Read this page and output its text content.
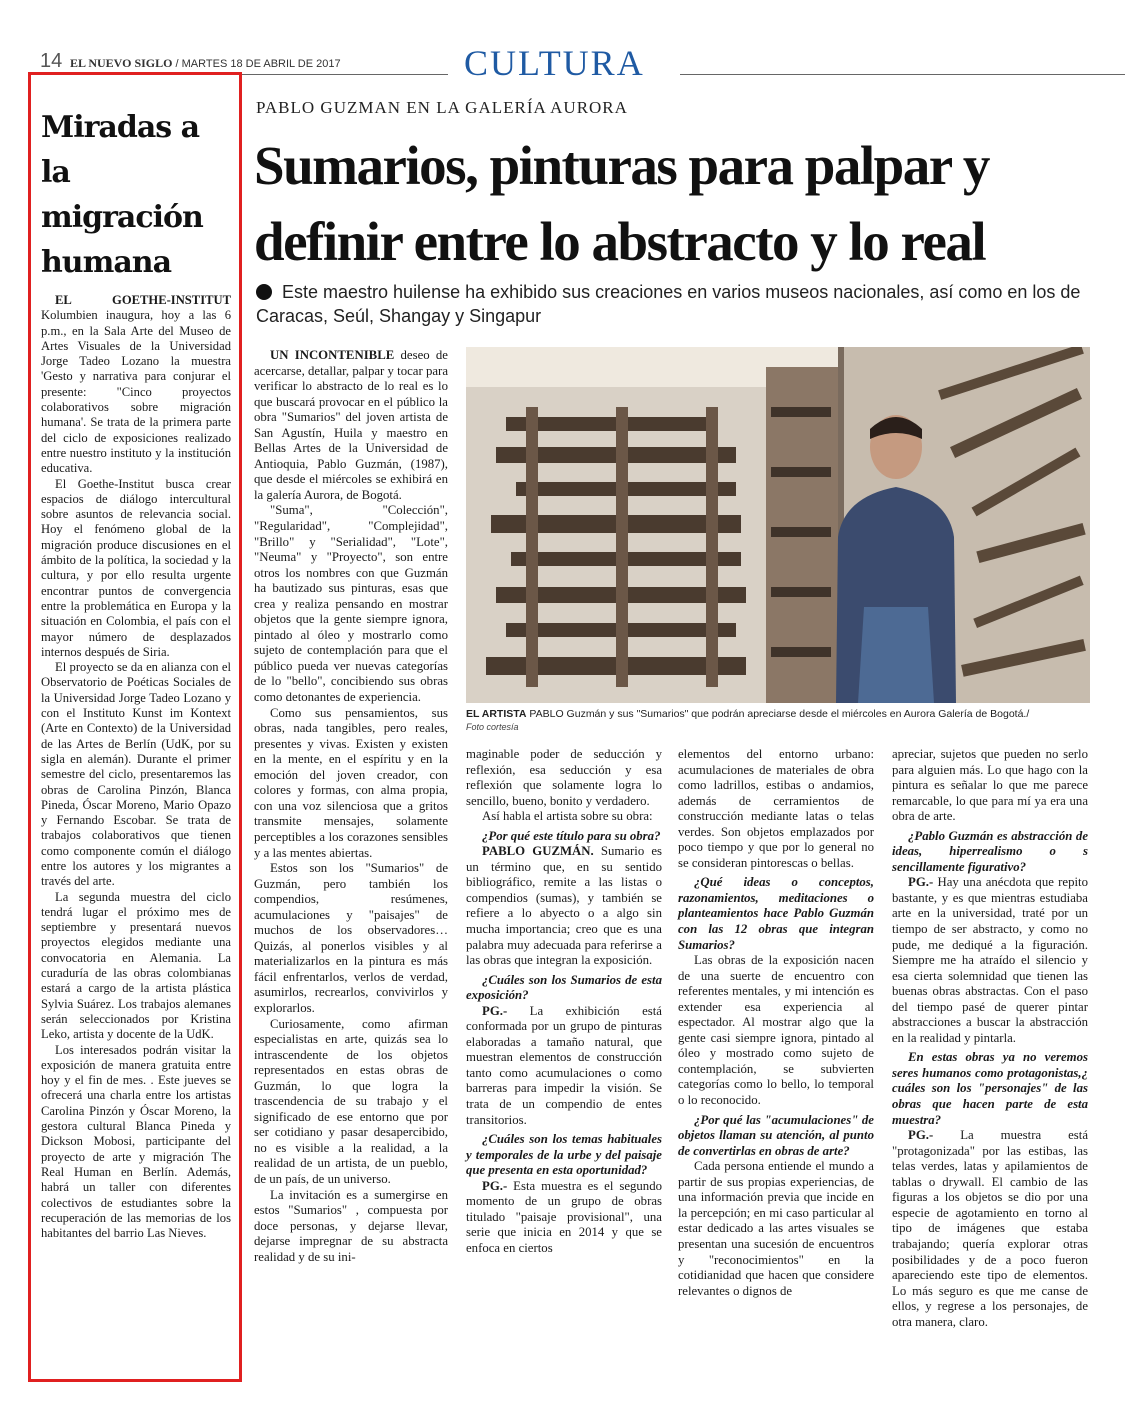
14 EL NUEVO SIGLO / MARTES 18 DE ABRIL DE 2017	CULTURA
Miradas a la migración humana

EL GOETHE-INSTITUT Kolumbien inaugura, hoy a las 6 p.m., en la Sala Arte del Museo de Artes Visuales de la Universidad Jorge Tadeo Lozano la muestra 'Gesto y narrativa para conjurar el presente: "Cinco proyectos colaborativos sobre migración humana'. Se trata de la primera parte del ciclo de exposiciones realizado entre nuestro instituto y la institución educativa.

El Goethe-Institut busca crear espacios de diálogo intercultural sobre asuntos de relevancia social. Hoy el fenómeno global de la migración produce discusiones en el ámbito de la política, la sociedad y la cultura, y por ello resulta urgente encontrar puntos de convergencia entre la problemática en Europa y la situación en Colombia, el país con el mayor número de desplazados internos después de Siria.

El proyecto se da en alianza con el Observatorio de Poéticas Sociales de la Universidad Jorge Tadeo Lozano y con el Instituto Kunst im Kontext (Arte en Contexto) de la Universidad de las Artes de Berlín (UdK, por su sigla en alemán). Durante el primer semestre del ciclo, presentaremos las obras de Carolina Pinzón, Blanca Pineda, Óscar Moreno, Mario Opazo y Fernando Escobar. Se trata de trabajos colaborativos que tienen como componente común el diálogo entre los autores y los migrantes a través del arte.

La segunda muestra del ciclo tendrá lugar el próximo mes de septiembre y presentará nuevos proyectos elegidos mediante una convocatoria en Alemania. La curaduría de las obras colombianas estará a cargo de la artista plástica Sylvia Suárez. Los trabajos alemanes serán seleccionados por Kristina Leko, artista y docente de la UdK.

Los interesados podrán visitar la exposición de manera gratuita entre hoy y el fin de mes. . Este jueves se ofrecerá una charla entre los artistas Carolina Pinzón y Óscar Moreno, la gestora cultural Blanca Pineda y Dickson Mobosi, participante del proyecto de arte y migración The Real Human en Berlín. Además, habrá un taller con diferentes colectivos de estudiantes sobre la recuperación de las memorias de los habitantes del barrio Las Nieves.

PABLO GUZMAN EN LA GALERÍA AURORA
Sumarios, pinturas para palpar y definir entre lo abstracto y lo real
Este maestro huilense ha exhibido sus creaciones en varios museos nacionales, así como en los de Caracas, Seúl, Shangay y Singapur

UN INCONTENIBLE deseo de acercarse, detallar, palpar y tocar para verificar lo abstracto de lo real es lo que buscará provocar en el público la obra "Sumarios" del joven artista de San Agustín, Huila y maestro en Bellas Artes de la Universidad de Antioquia, Pablo Guzmán, (1987), que desde el miércoles se exhibirá en la galería Aurora, de Bogotá.

"Suma", "Colección", "Regularidad", "Complejidad", "Brillo" y "Serialidad", "Lote", "Neuma" y "Proyecto", son entre otros los nombres con que Guzmán ha bautizado sus pinturas, esas que crea y realiza pensando en mostrar objetos que la gente siempre ignora, pintado al óleo y mostrarlo como sujeto de contemplación para que el público pueda ver nuevas categorías de lo "bello", concibiendo sus obras como detonantes de experiencia.

Como sus pensamientos, sus obras, nada tangibles, pero reales, presentes y vivas. Existen y existen en la mente, en el espíritu y en la emoción del joven creador, con colores y formas, con alma propia, con una voz silenciosa que a gritos transmite mensajes, solamente perceptibles a los corazones sensibles y a las mentes abiertas.

Estos son los "Sumarios" de Guzmán, pero también los compendios, resúmenes, acumulaciones y "paisajes" de muchos de los observadores… Quizás, al ponerlos visibles y al materializarlos en la pintura es más fácil enfrentarlos, verlos de verdad, asumirlos, recrearlos, convivirlos y explorarlos.

Curiosamente, como afirman especialistas en arte, quizás sea lo intrascendente de los objetos representados en estas obras de Guzmán, lo que logra la trascendencia de su trabajo y el significado de ese entorno que por ser cotidiano y pasar desapercibido, no es visible a la realidad, a la realidad de un artista, de un pueblo, de un país, de un universo.

La invitación es a sumergirse en estos "Sumarios" , compuesta por doce personas, y dejarse llevar, dejarse impregnar de su abstracta realidad y de su ini-

EL ARTISTA PABLO Guzmán y sus "Sumarios" que podrán apreciarse desde el miércoles en Aurora Galería de Bogotá./
Foto cortesía

maginable poder de seducción y reflexión, esa seducción y esa reflexión que solamente logra lo sencillo, bueno, bonito y verdadero.

Así habla el artista sobre su obra:

¿Por qué este título para su obra?

PABLO GUZMÁN. Sumario es un término que, en su sentido bibliográfico, remite a las listas o compendios (sumas), y también se refiere a lo abyecto o a algo sin mucha importancia; creo que es una palabra muy adecuada para referirse a las obras que integran la exposición.

¿Cuáles son los Sumarios de esta exposición?

PG.- La exhibición está conformada por un grupo de pinturas elaboradas a tamaño natural, que muestran elementos de construcción tanto como acumulaciones o como barreras para impedir la visión. Se trata de un compendio de entes transitorios.

¿Cuáles son los temas habituales y temporales de la urbe y del paisaje que presenta en esta oportunidad?

PG.- Esta muestra es el segundo momento de un grupo de obras titulado "paisaje provisional", una serie que inicia en 2014 y que se enfoca en ciertos

elementos del entorno urbano: acumulaciones de materiales de obra como ladrillos, estibas o andamios, además de cerramientos de construcción mediante latas o telas verdes. Son objetos emplazados por poco tiempo y que por lo general no se consideran pintorescas o bellas.

¿Qué ideas o conceptos, razonamientos, meditaciones o planteamientos hace Pablo Guzmán con las 12 obras que integran Sumarios?

Las obras de la exposición nacen de una suerte de encuentro con referentes mentales, y mi intención es extender esa experiencia al espectador. Al mostrar algo que la gente casi siempre ignora, pintado al óleo y mostrado como sujeto de contemplación, se subvierten categorías como lo bello, lo temporal o lo reconocido.

¿Por qué las "acumulaciones" de objetos llaman su atención, al punto de convertirlas en obras de arte?

Cada persona entiende el mundo a partir de sus propias experiencias, de una información previa que incide en la percepción; en mi caso particular al estar dedicado a las artes visuales se presentan una sucesión de encuentros y "reconocimientos" en la cotidianidad que hacen que considere relevantes o dignos de

apreciar, sujetos que pueden no serlo para alguien más. Lo que hago con la pintura es señalar lo que me parece remarcable, lo que para mí ya era una obra de arte.

¿Pablo Guzmán es abstracción de ideas, hiperrealismo o s sencillamente figurativo?

PG.- Hay una anécdota que repito bastante, y es que mientras estudiaba arte en la universidad, traté por un tiempo de ser abstracto, y como no pude, me dediqué a la figuración. Siempre me ha atraído el silencio y esa cierta solemnidad que tienen las buenas obras abstractas. Con el paso del tiempo pasé de querer pintar abstracciones a buscar la abstracción en la realidad y pintarla.

En estas obras ya no veremos seres humanos como protagonistas,¿ cuáles son los "personajes" de las obras que hacen parte de esta muestra?

PG.- La muestra está "protagonizada" por las estibas, las telas verdes, latas y apilamientos de tablas o drywall. El cambio de las figuras a los objetos se dio por una especie de agotamiento en torno al tipo de imágenes que estaba trabajando; quería explorar otras posibilidades y de a poco fueron apareciendo este tipo de elementos. Lo más seguro es que me canse de ellos, y regrese a los personajes, de otra manera, claro.
